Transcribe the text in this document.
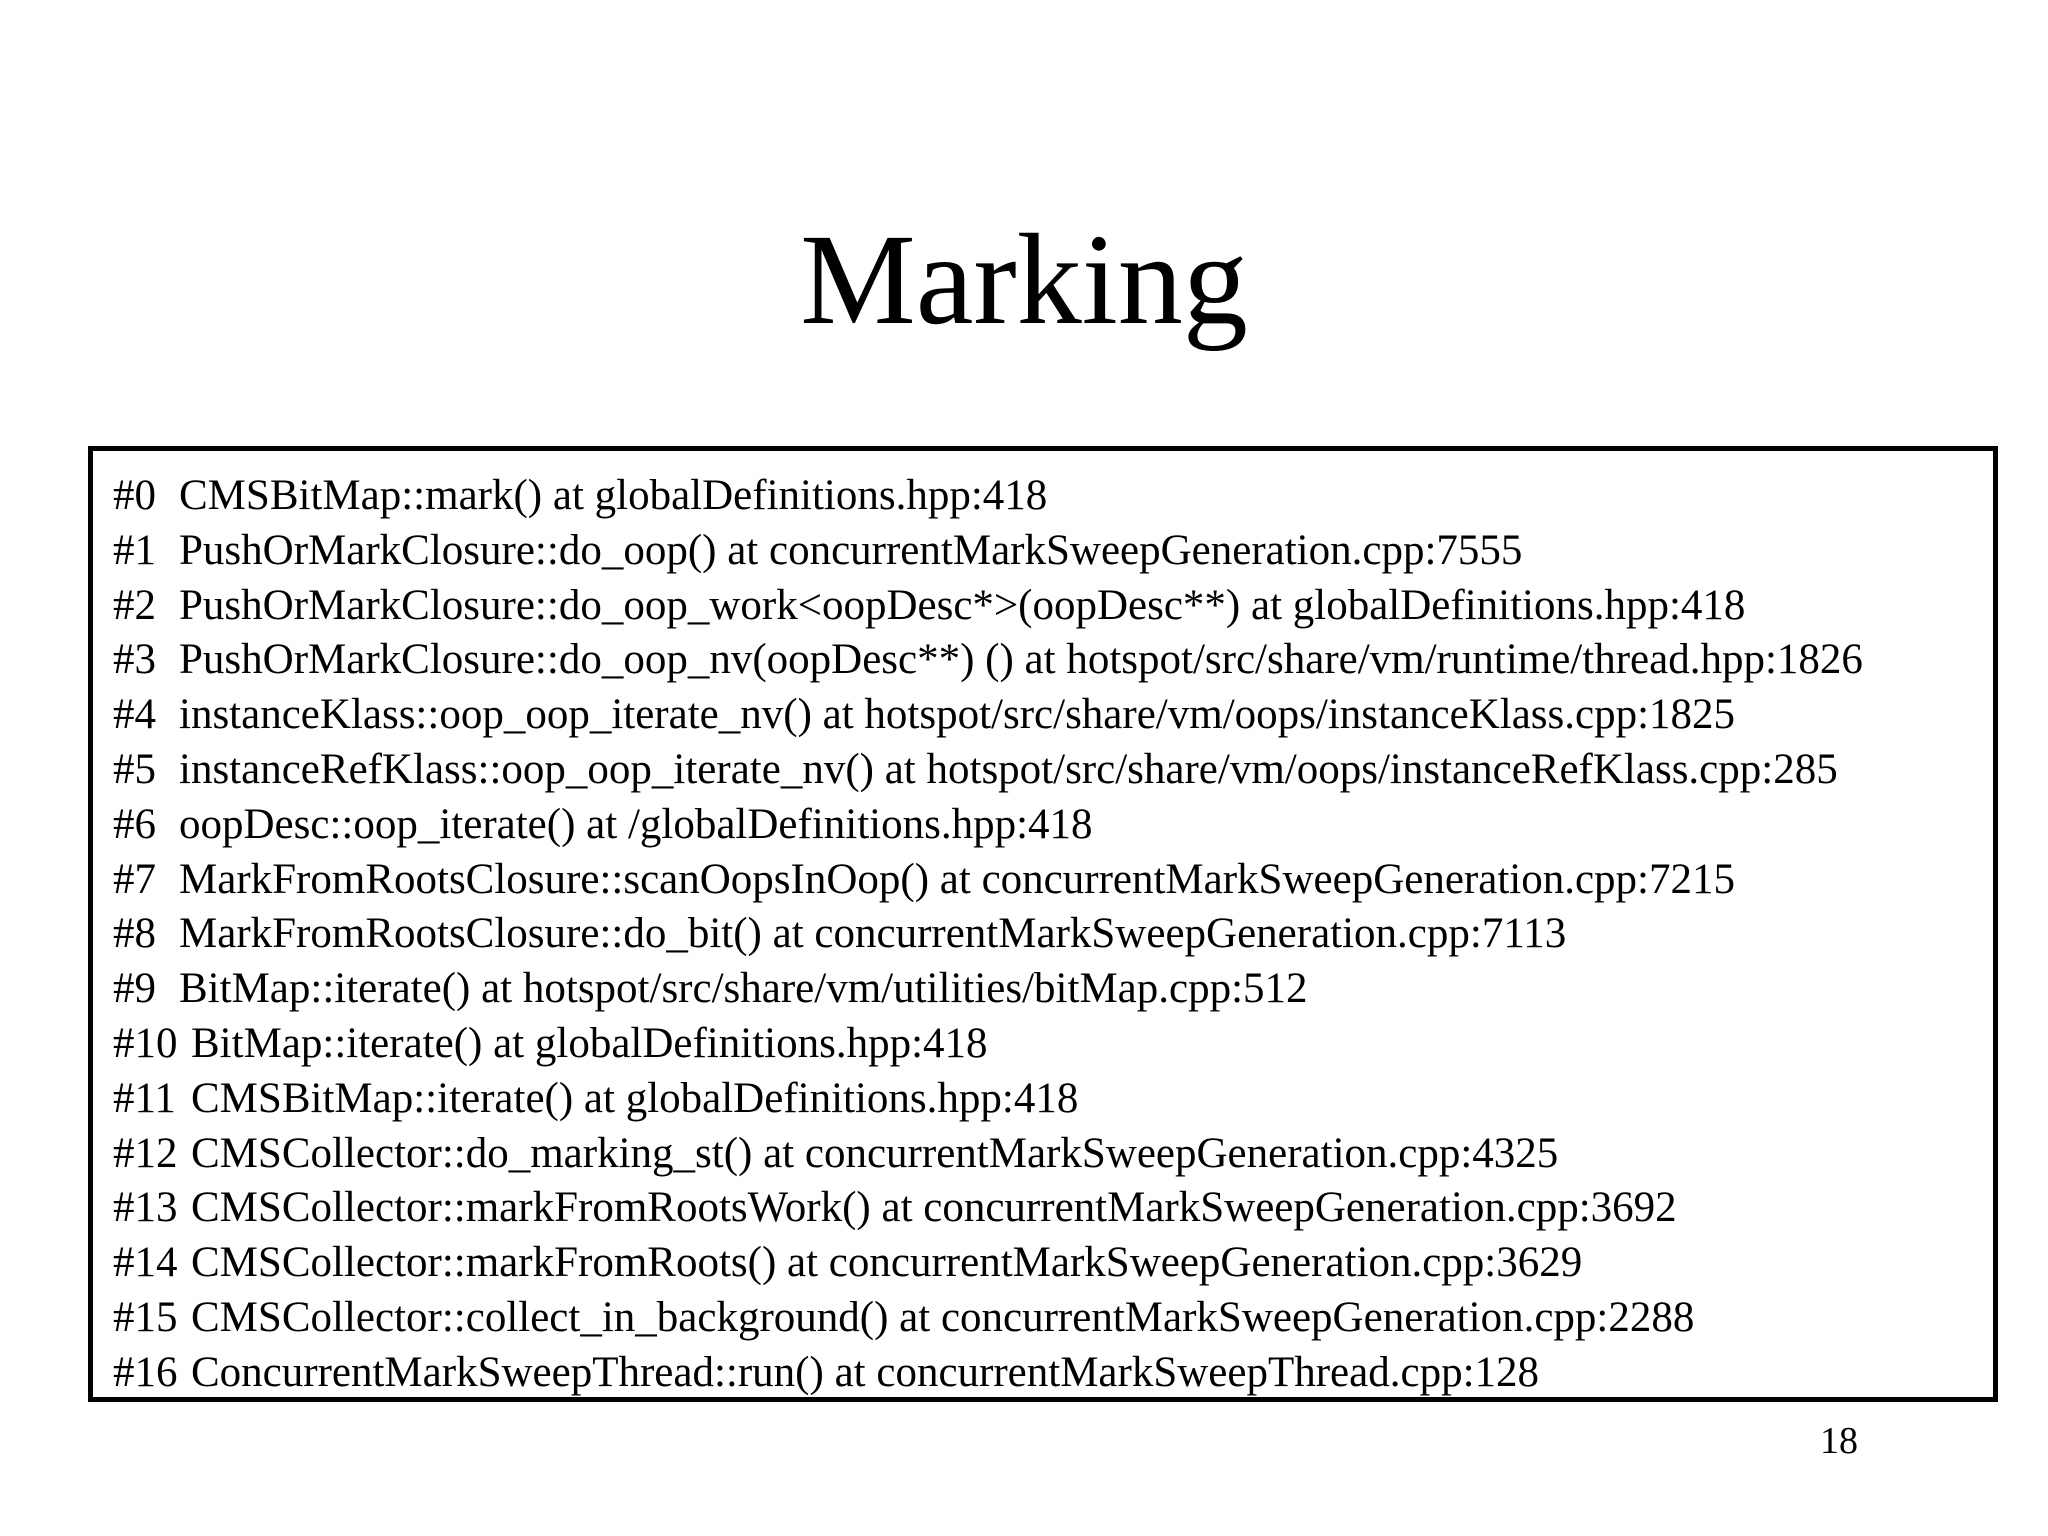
Marking
#0 CMSBitMap::mark() at globalDefinitions.hpp:418
#1 PushOrMarkClosure::do_oop() at concurrentMarkSweepGeneration.cpp:7555
#2 PushOrMarkClosure::do_oop_work<oopDesc*>(oopDesc**) at globalDefinitions.hpp:418
#3 PushOrMarkClosure::do_oop_nv(oopDesc**) () at hotspot/src/share/vm/runtime/thread.hpp:1826
#4 instanceKlass::oop_oop_iterate_nv() at hotspot/src/share/vm/oops/instanceKlass.cpp:1825
#5 instanceRefKlass::oop_oop_iterate_nv() at hotspot/src/share/vm/oops/instanceRefKlass.cpp:285
#6 oopDesc::oop_iterate() at /globalDefinitions.hpp:418
#7 MarkFromRootsClosure::scanOopsInOop() at concurrentMarkSweepGeneration.cpp:7215
#8 MarkFromRootsClosure::do_bit() at concurrentMarkSweepGeneration.cpp:7113
#9 BitMap::iterate() at hotspot/src/share/vm/utilities/bitMap.cpp:512
#10 BitMap::iterate() at globalDefinitions.hpp:418
#11 CMSBitMap::iterate() at globalDefinitions.hpp:418
#12 CMSCollector::do_marking_st() at concurrentMarkSweepGeneration.cpp:4325
#13 CMSCollector::markFromRootsWork() at concurrentMarkSweepGeneration.cpp:3692
#14 CMSCollector::markFromRoots() at concurrentMarkSweepGeneration.cpp:3629
#15 CMSCollector::collect_in_background() at concurrentMarkSweepGeneration.cpp:2288
#16 ConcurrentMarkSweepThread::run() at concurrentMarkSweepThread.cpp:128
18
